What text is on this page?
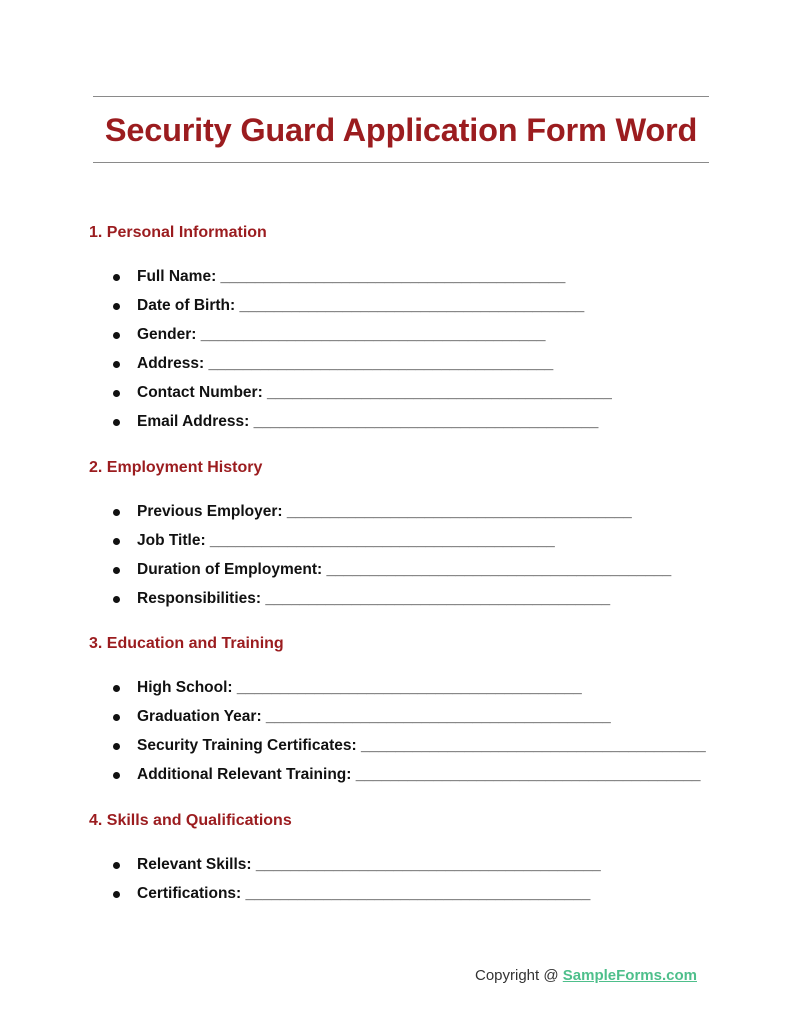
Security Guard Application Form Word
1. Personal Information
Full Name: ________________________________________
Date of Birth: ________________________________________
Gender: ________________________________________
Address: ________________________________________
Contact Number: ________________________________________
Email Address: ________________________________________
2. Employment History
Previous Employer: ________________________________________
Job Title: ________________________________________
Duration of Employment: ________________________________________
Responsibilities: ________________________________________
3. Education and Training
High School: ________________________________________
Graduation Year: ________________________________________
Security Training Certificates: ________________________________________
Additional Relevant Training: ________________________________________
4. Skills and Qualifications
Relevant Skills: ________________________________________
Certifications: ________________________________________
Copyright @ SampleForms.com
